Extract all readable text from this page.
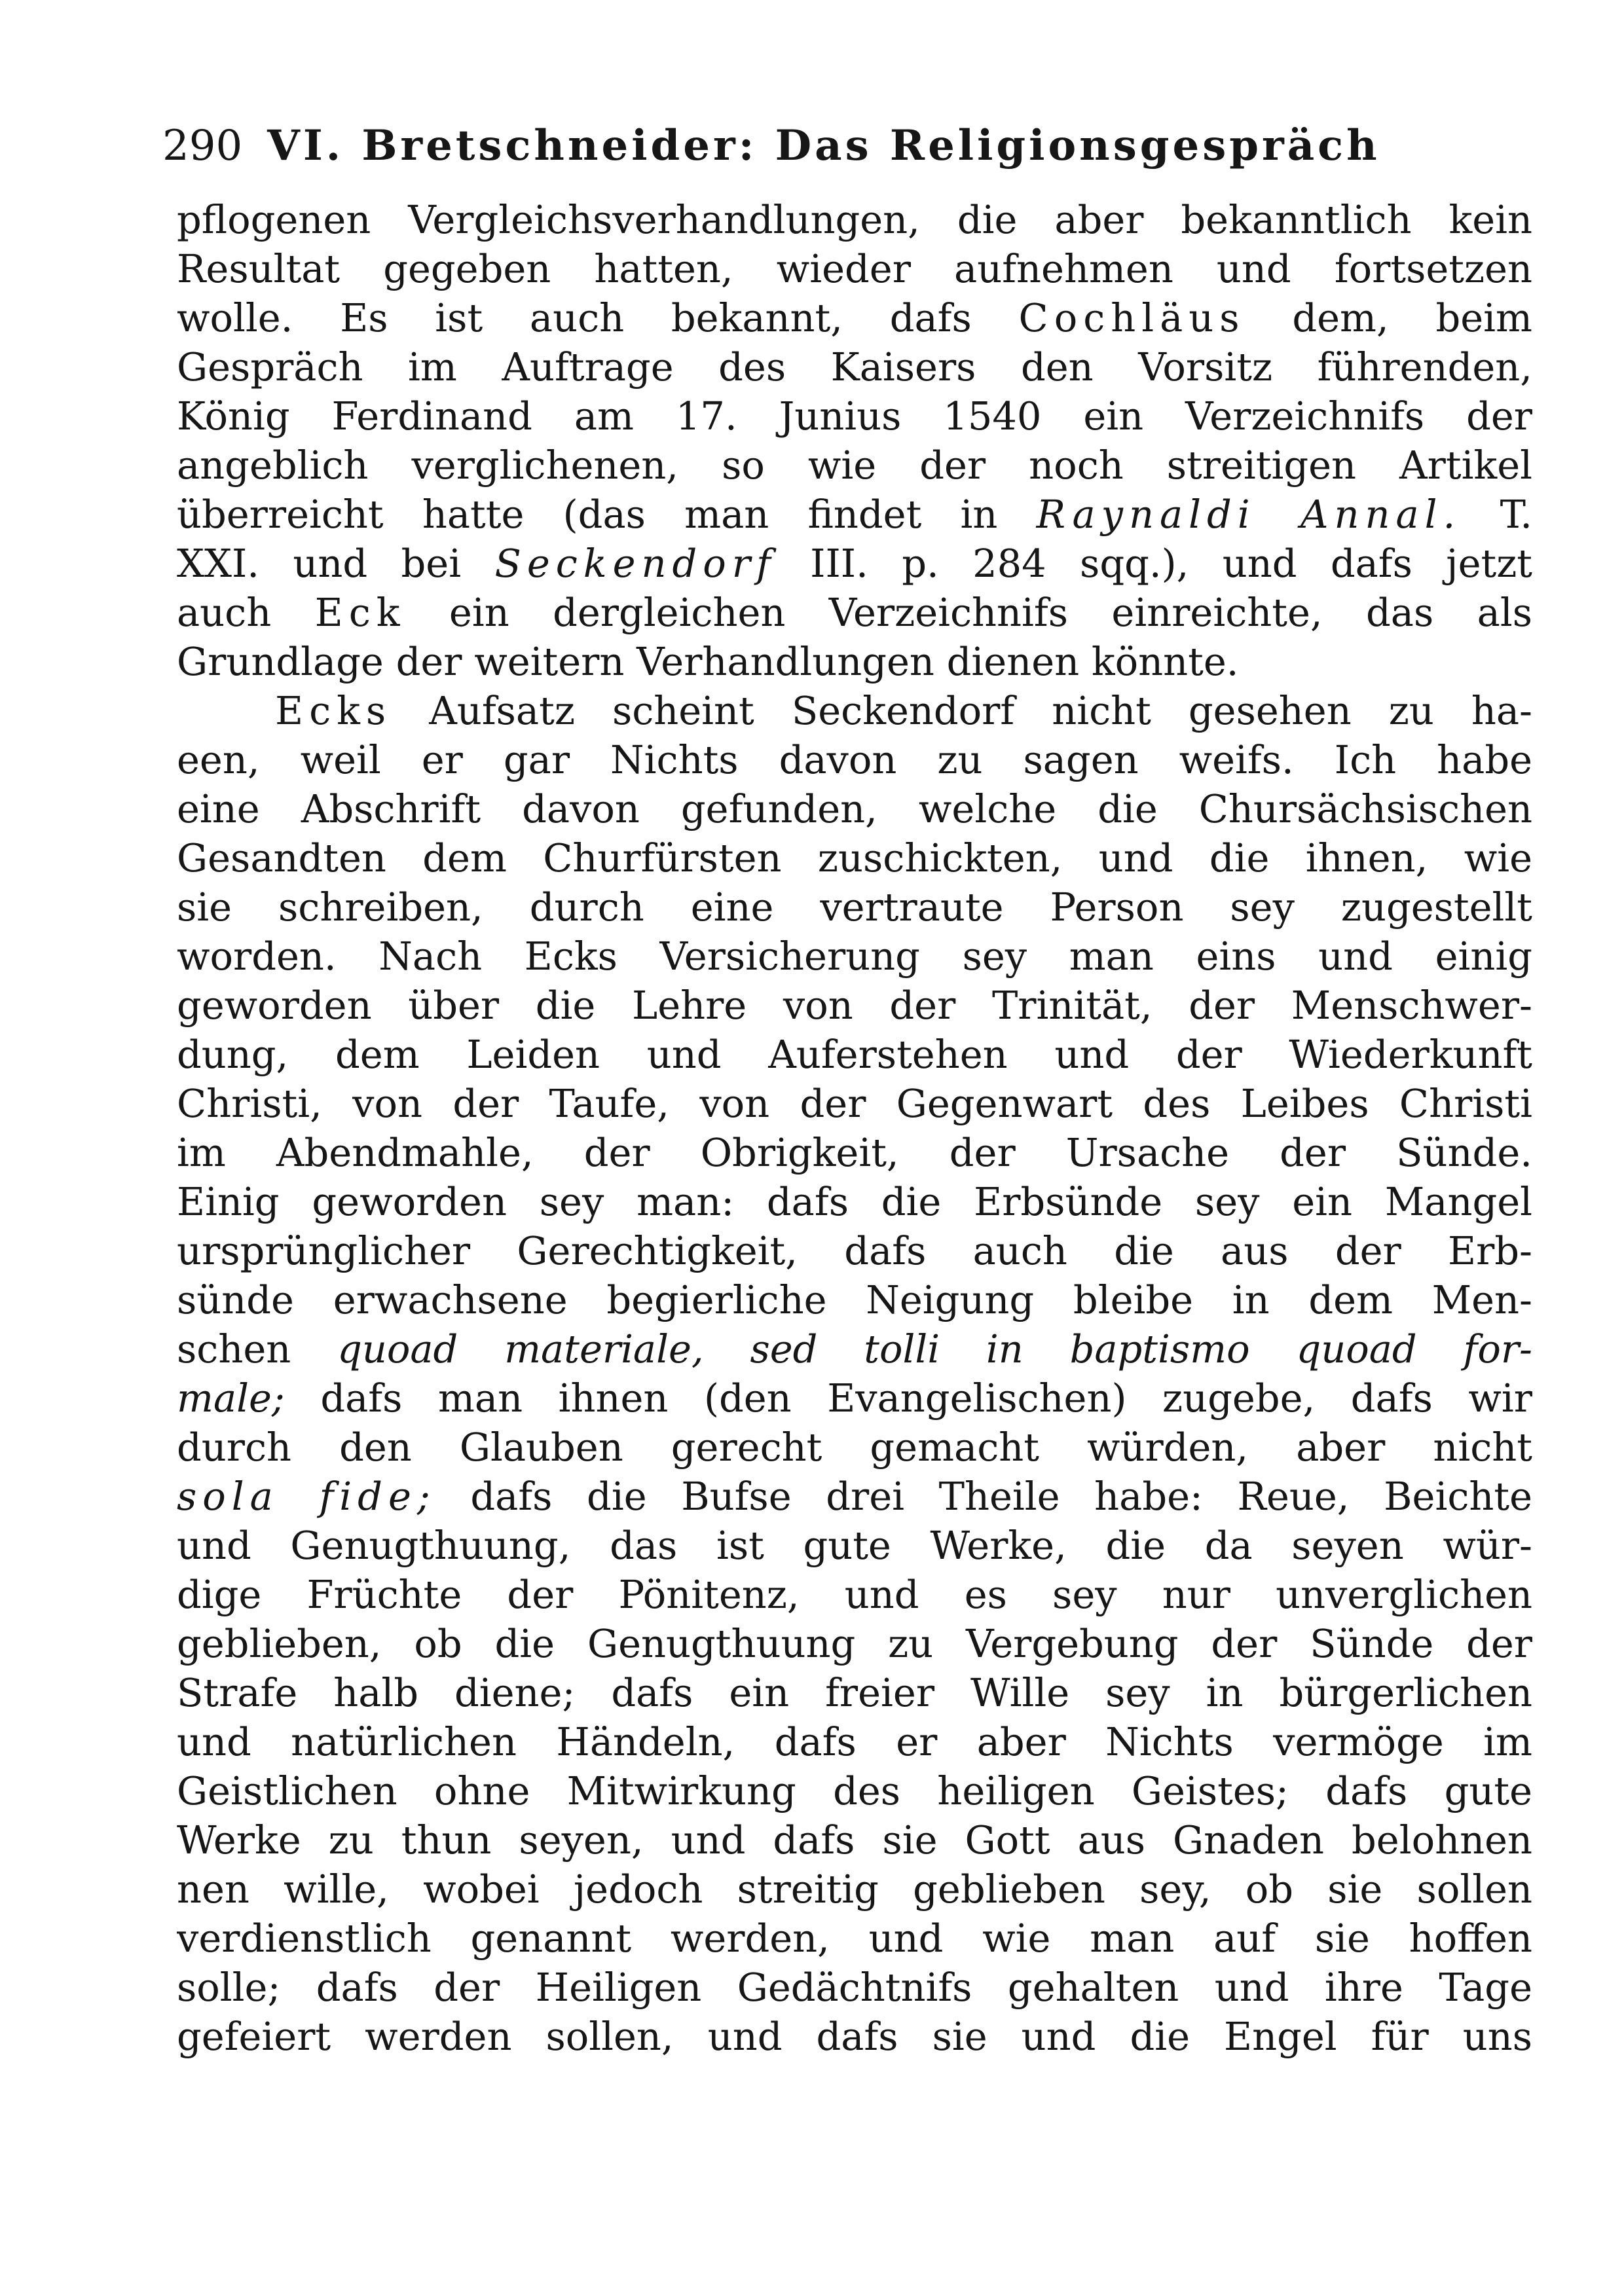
290 VI. Bretschneider: Das Religionsgespräch
pflogenen Vergleichsverhandlungen, die aber bekanntlich kein
Resultat gegeben hatten, wieder aufnehmen und fortsetzen
wolle. Es ist auch bekannt, dafs Cochläus dem, beim
Gespräch im Auftrage des Kaisers den Vorsitz führenden,
König Ferdinand am 17. Junius 1540 ein Verzeichnifs der
angeblich verglichenen, so wie der noch streitigen Artikel
überreicht hatte (das man findet in Raynaldi Annal. T.
XXI. und bei Seckendorf III. p. 284 sqq.), und dafs jetzt
auch Eck ein dergleichen Verzeichnifs einreichte, das als
Grundlage der weitern Verhandlungen dienen könnte.
Ecks Aufsatz scheint Seckendorf nicht gesehen zu ha-
een, weil er gar Nichts davon zu sagen weifs. Ich habe
eine Abschrift davon gefunden, welche die Chursächsischen
Gesandten dem Churfürsten zuschickten, und die ihnen, wie
sie schreiben, durch eine vertraute Person sey zugestellt
worden. Nach Ecks Versicherung sey man eins und einig
geworden über die Lehre von der Trinität, der Menschwer-
dung, dem Leiden und Auferstehen und der Wiederkunft
Christi, von der Taufe, von der Gegenwart des Leibes Christi
im Abendmahle, der Obrigkeit, der Ursache der Sünde.
Einig geworden sey man: dafs die Erbsünde sey ein Mangel
ursprünglicher Gerechtigkeit, dafs auch die aus der Erb-
sünde erwachsene begierliche Neigung bleibe in dem Men-
schen quoad materiale, sed tolli in baptismo quoad for-
male; dafs man ihnen (den Evangelischen) zugebe, dafs wir
durch den Glauben gerecht gemacht würden, aber nicht
sola fide; dafs die Bufse drei Theile habe: Reue, Beichte
und Genugthuung, das ist gute Werke, die da seyen wür-
dige Früchte der Pönitenz, und es sey nur unverglichen
geblieben, ob die Genugthuung zu Vergebung der Sünde der
Strafe halb diene; dafs ein freier Wille sey in bürgerlichen
und natürlichen Händeln, dafs er aber Nichts vermöge im
Geistlichen ohne Mitwirkung des heiligen Geistes; dafs gute
Werke zu thun seyen, und dafs sie Gott aus Gnaden belohnen
nen wille, wobei jedoch streitig geblieben sey, ob sie sollen
verdienstlich genannt werden, und wie man auf sie hoffen
solle; dafs der Heiligen Gedächtnifs gehalten und ihre Tage
gefeiert werden sollen, und dafs sie und die Engel für uns
